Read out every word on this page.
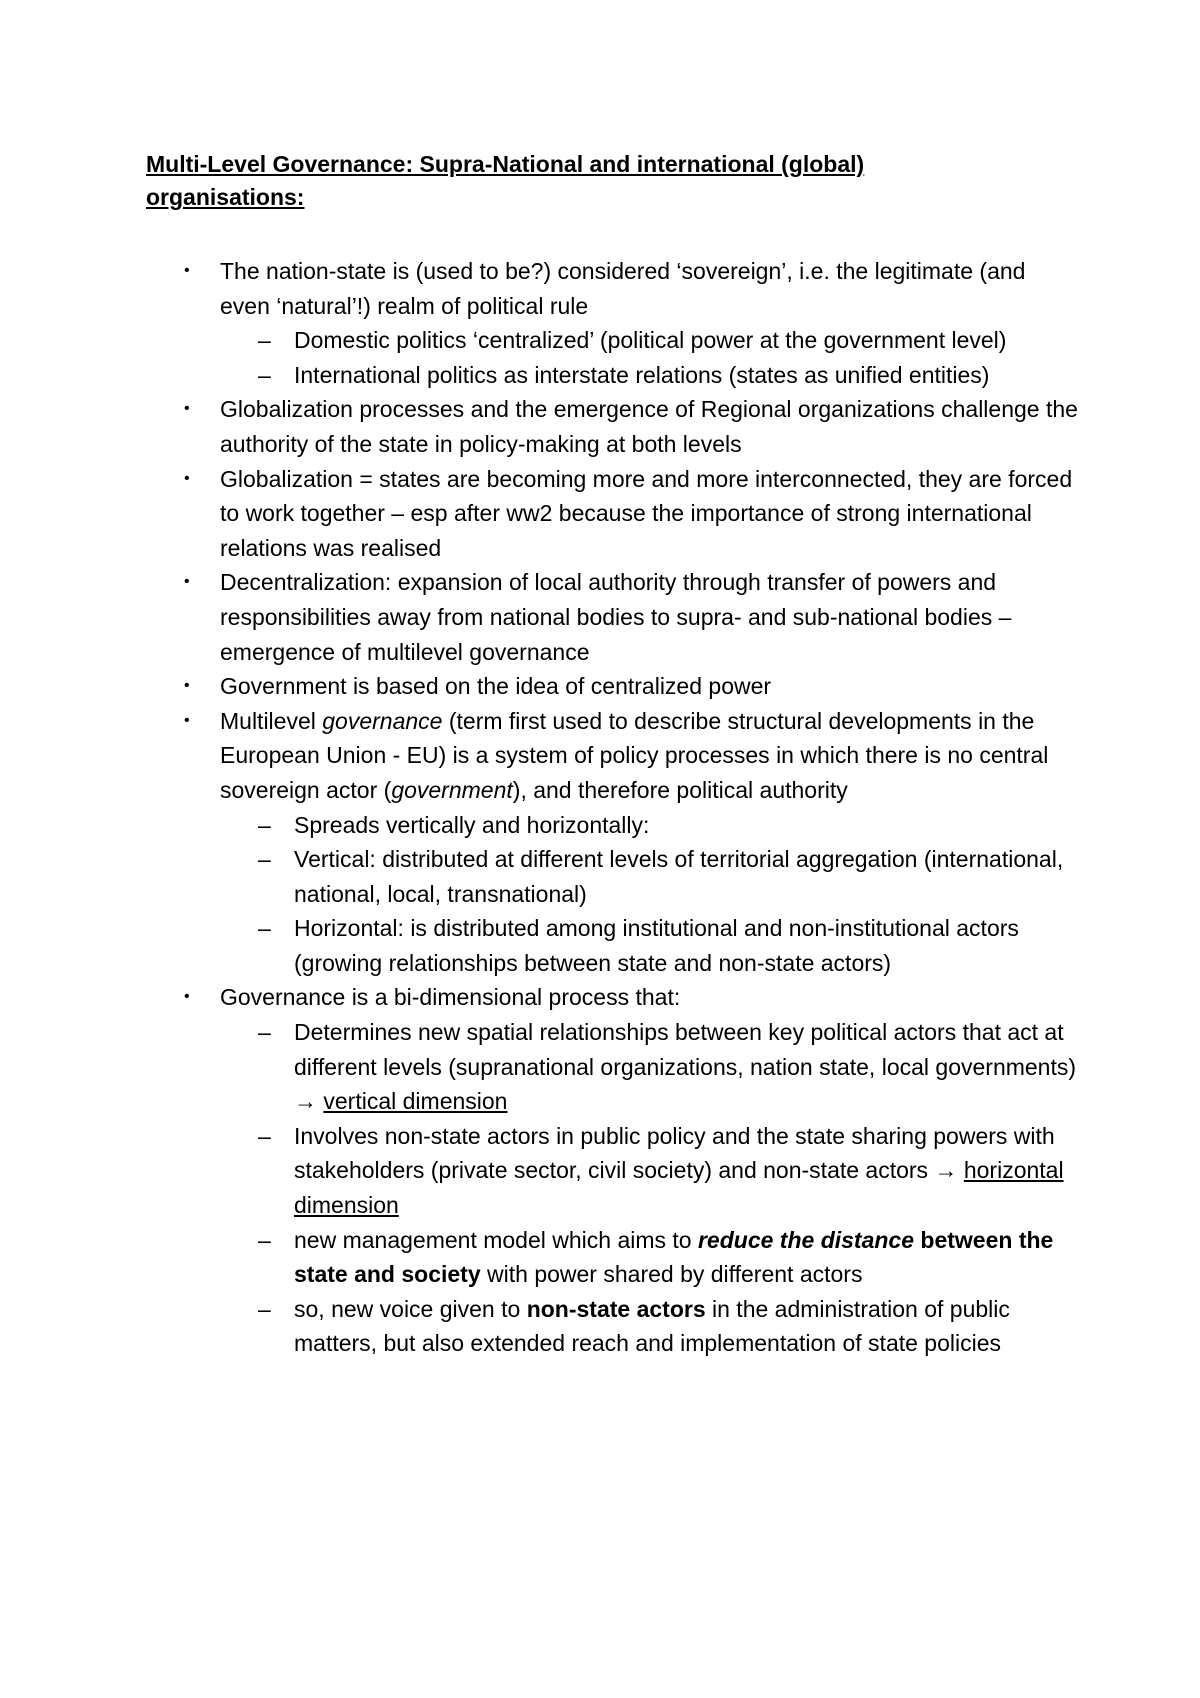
Multi-Level Governance: Supra-National and international (global) organisations:
• The nation-state is (used to be?) considered ‘sovereign’, i.e. the legitimate (and even ‘natural’!) realm of political rule
– Domestic politics ‘centralized’ (political power at the government level)
– International politics as interstate relations (states as unified entities)
• Globalization processes and the emergence of Regional organizations challenge the authority of the state in policy-making at both levels
• Globalization = states are becoming more and more interconnected, they are forced to work together – esp after ww2 because the importance of strong international relations was realised
• Decentralization: expansion of local authority through transfer of powers and responsibilities away from national bodies to supra- and sub-national bodies – emergence of multilevel governance
• Government is based on the idea of centralized power
• Multilevel governance (term first used to describe structural developments in the European Union - EU) is a system of policy processes in which there is no central sovereign actor (government), and therefore political authority
– Spreads vertically and horizontally:
– Vertical: distributed at different levels of territorial aggregation (international, national, local, transnational)
– Horizontal: is distributed among institutional and non-institutional actors (growing relationships between state and non-state actors)
• Governance is a bi-dimensional process that:
– Determines new spatial relationships between key political actors that act at different levels (supranational organizations, nation state, local governments) → vertical dimension
– Involves non-state actors in public policy and the state sharing powers with stakeholders (private sector, civil society) and non-state actors → horizontal dimension
– new management model which aims to reduce the distance between the state and society with power shared by different actors
– so, new voice given to non-state actors in the administration of public matters, but also extended reach and implementation of state policies
